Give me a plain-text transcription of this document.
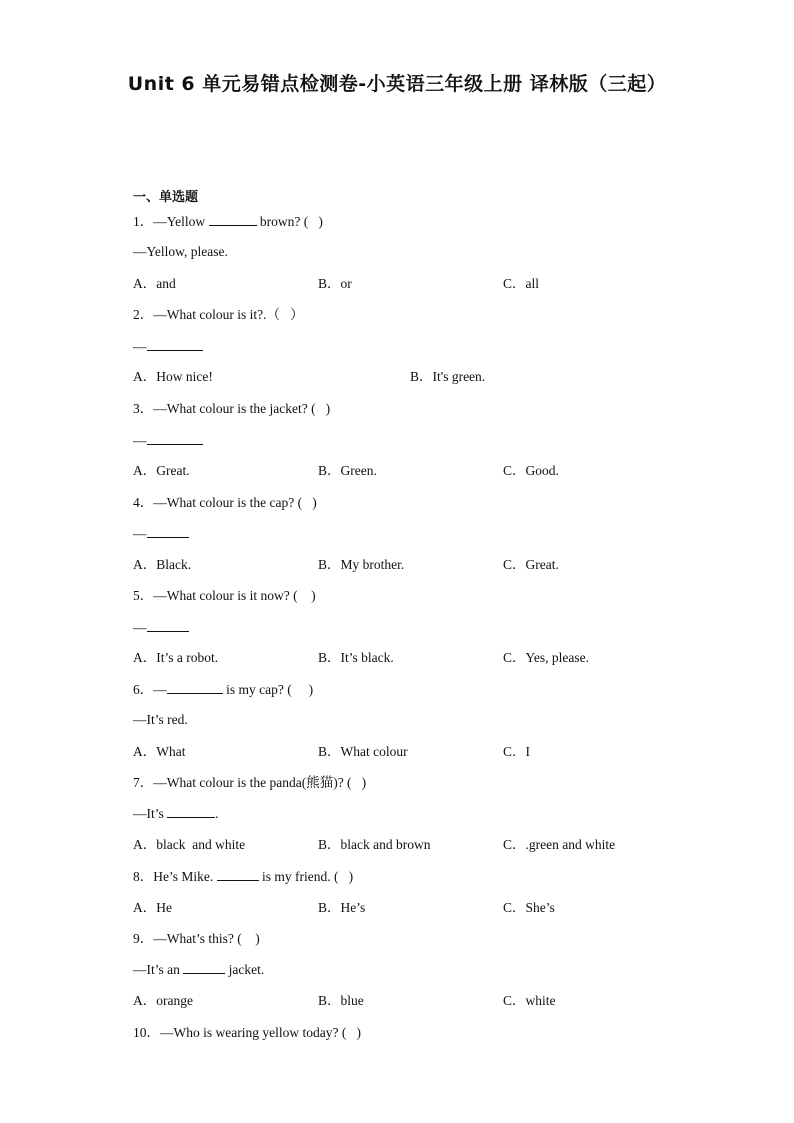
Unit 6 单元易错点检测卷-小英语三年级上册 译林版（三起）
一、单选题
1．—Yellow	brown? (   )
—Yellow, please.
A．and	B．or	C．all
2．—What colour is it?.（   ）
—
A．How nice!	B．It's green.
3．—What colour is the jacket? (   )
—
A．Great.	B．Green.	C．Good.
4．—What colour is the cap? (   )
—
A．Black.	B．My brother.	C．Great.
5．—What colour is it now? (    )
—
A．It’s a robot.	B．It’s black.	C．Yes, please.
6．—	is my cap? (     )
—It’s red.
A．What	B．What colour	C．I
7．—What colour is the panda(熊猫)? (   )
—It’s	.
A．black  and white	B．black and brown	C．.green and white
8．He’s Mike.	is my friend. (   )
A．He	B．He’s	C．She’s
9．—What’s this? (    )
—It’s an	jacket.
A．orange	B．blue	C．white
10．—Who is wearing yellow today? (   )
